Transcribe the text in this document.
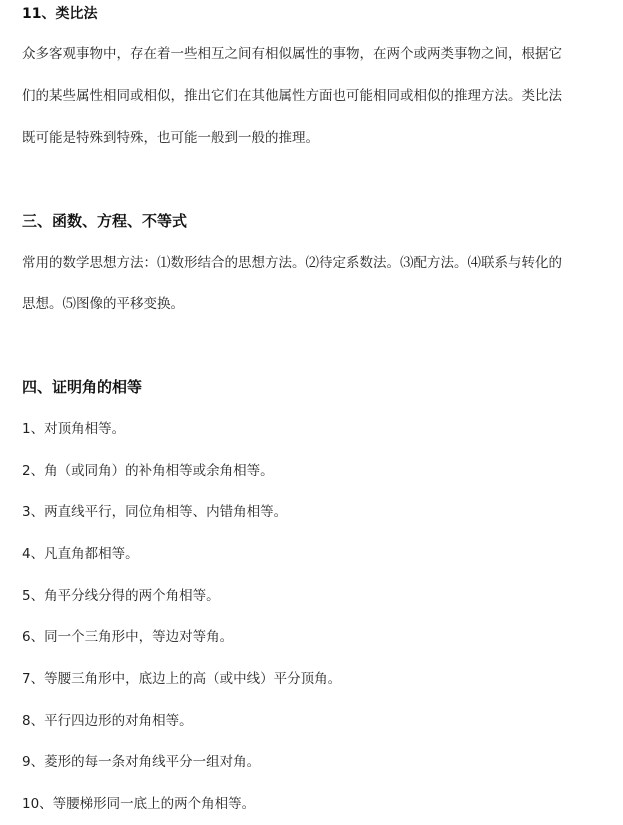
11、类比法
众多客观事物中，存在着一些相互之间有相似属性的事物，在两个或两类事物之间，根据它
们的某些属性相同或相似，推出它们在其他属性方面也可能相同或相似的推理方法。类比法
既可能是特殊到特殊，也可能一般到一般的推理。
三、函数、方程、不等式
常用的数学思想方法：⑴数形结合的思想方法。⑵待定系数法。⑶配方法。⑷联系与转化的
思想。⑸图像的平移变换。
四、证明角的相等
1、对顶角相等。
2、角（或同角）的补角相等或余角相等。
3、两直线平行，同位角相等、内错角相等。
4、凡直角都相等。
5、角平分线分得的两个角相等。
6、同一个三角形中，等边对等角。
7、等腰三角形中，底边上的高（或中线）平分顶角。
8、平行四边形的对角相等。
9、菱形的每一条对角线平分一组对角。
10、等腰梯形同一底上的两个角相等。
